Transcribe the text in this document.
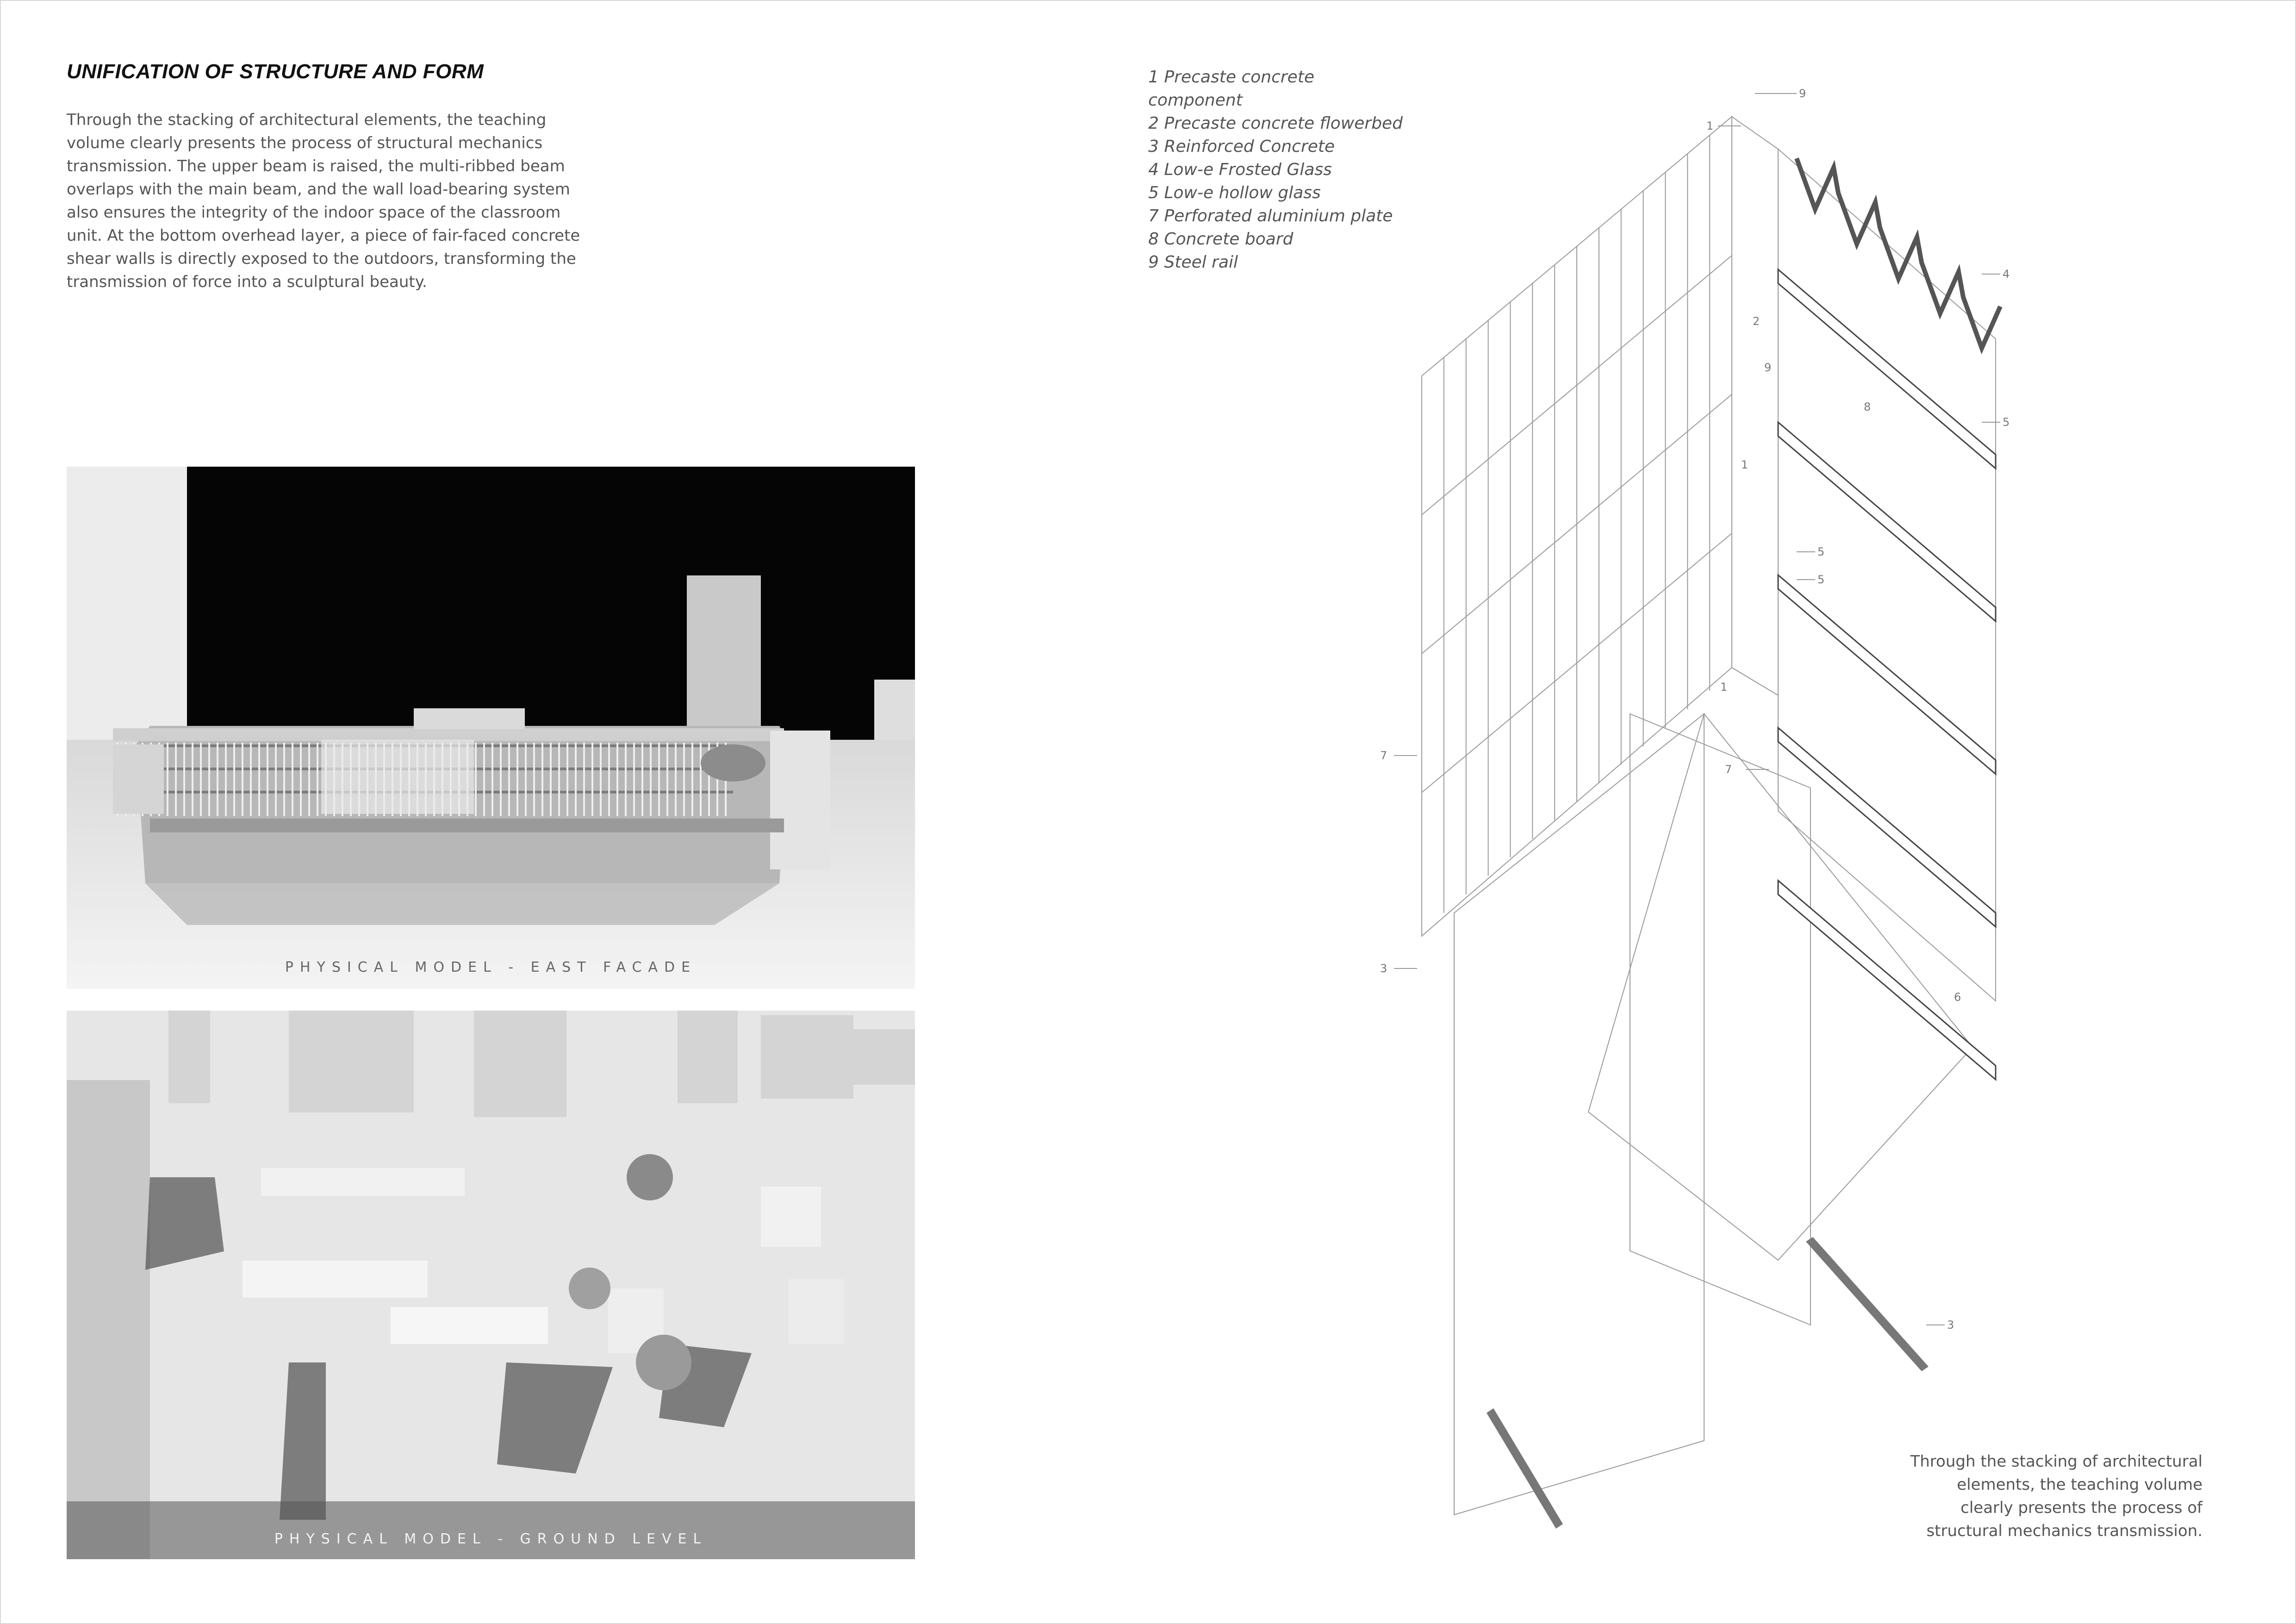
UNIFICATION OF STRUCTURE AND FORM
Through the stacking of architectural elements, the teaching volume clearly presents the process of structural mechanics transmission. The upper beam is raised, the multi-ribbed beam overlaps with the main beam, and the wall load-bearing system also ensures the integrity of the indoor space of the classroom unit. At the bottom overhead layer, a piece of fair-faced concrete shear walls is directly exposed to the outdoors, transforming the transmission of force into a sculptural beauty.
PHYSICAL MODEL - EAST FACADE
PHYSICAL MODEL - GROUND LEVEL
1 Precaste concrete component
2 Precaste concrete flowerbed
3 Reinforced Concrete
4 Low-e Frosted Glass
5 Low-e hollow glass
7 Perforated aluminium plate
8 Concrete board
9 Steel rail
1
9
2
9
4
8
5
1
5
5
1
7
7
3
6
3
Through the stacking of architectural elements, the teaching volume clearly presents the process of structural mechanics transmission.
